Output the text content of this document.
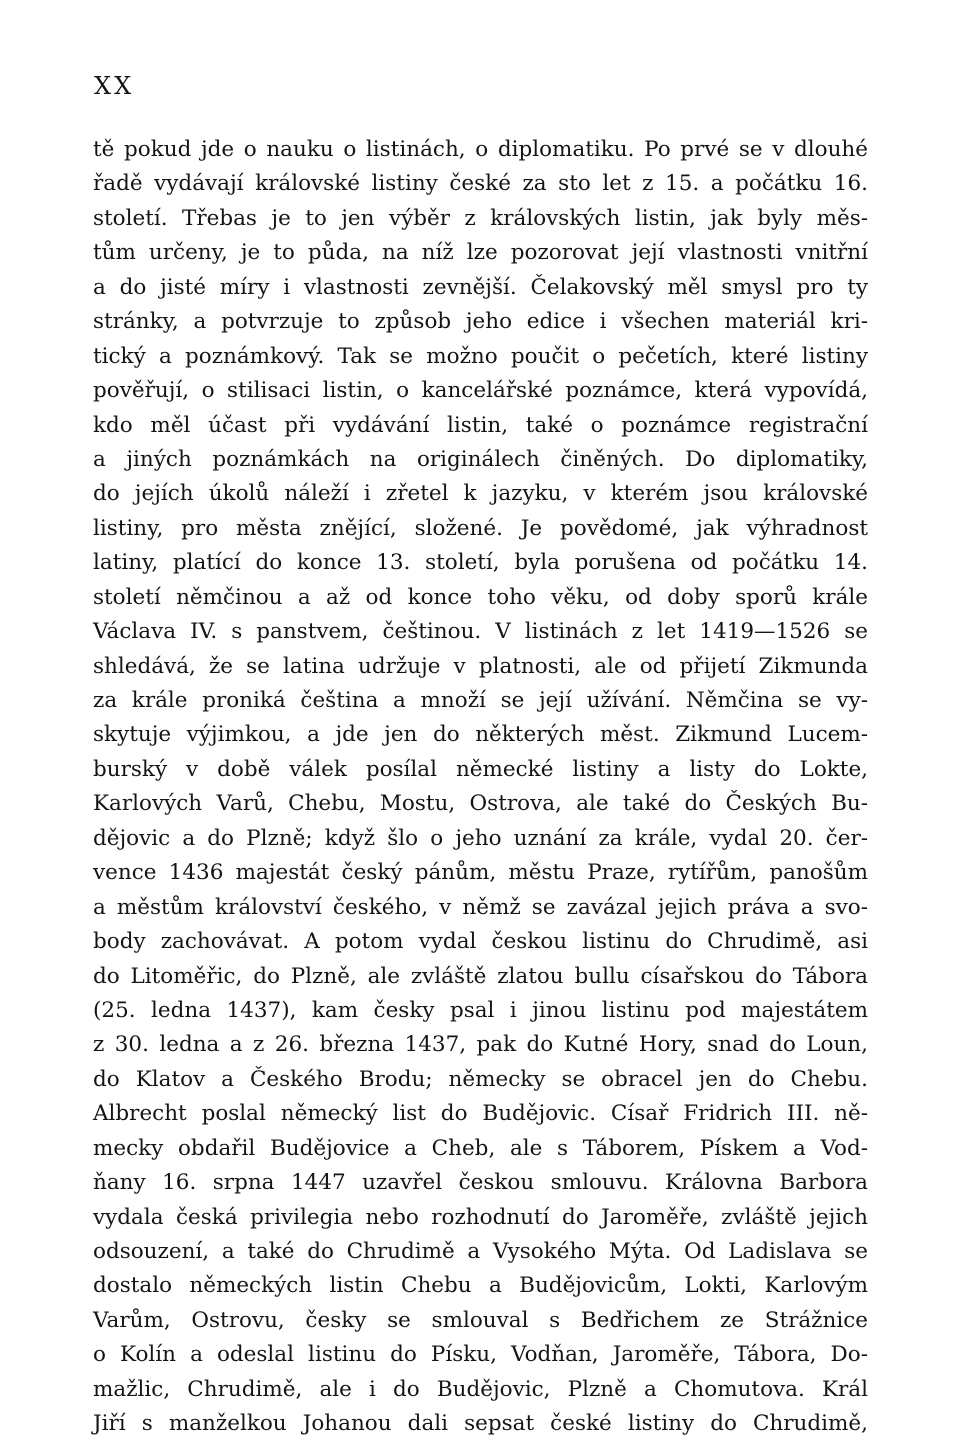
XX
tě pokud jde o nauku o listinách, o diplomatiku. Po prvé se v dlouhé
řadě vydávají královské listiny české za sto let z 15. a počátku 16.
století. Třebas je to jen výběr z královských listin, jak byly měs-
tům určeny, je to půda, na níž lze pozorovat její vlastnosti vnitřní
a do jisté míry i vlastnosti zevnější. Čelakovský měl smysl pro ty
stránky, a potvrzuje to způsob jeho edice i všechen materiál kri-
tický a poznámkový. Tak se možno poučit o pečetích, které listiny
pověřují, o stilisaci listin, o kancelářské poznámce, která vypovídá,
kdo měl účast při vydávání listin, také o poznámce registrační
a jiných poznámkách na originálech činěných. Do diplomatiky,
do jejích úkolů náleží i zřetel k jazyku, v kterém jsou královské
listiny, pro města znějící, složené. Je povědomé, jak výhradnost
latiny, platící do konce 13. století, byla porušena od počátku 14.
století němčinou a až od konce toho věku, od doby sporů krále
Václava IV. s panstvem, češtinou. V listinách z let 1419—1526 se
shledává, že se latina udržuje v platnosti, ale od přijetí Zikmunda
za krále proniká čeština a množí se její užívání. Němčina se vy-
skytuje výjimkou, a jde jen do některých měst. Zikmund Lucem-
burský v době válek posílal německé listiny a listy do Lokte,
Karlových Varů, Chebu, Mostu, Ostrova, ale také do Českých Bu-
dějovic a do Plzně; když šlo o jeho uznání za krále, vydal 20. čer-
vence 1436 majestát český pánům, městu Praze, rytířům, panošům
a městům království českého, v němž se zavázal jejich práva a svo-
body zachovávat. A potom vydal českou listinu do Chrudimě, asi
do Litoměřic, do Plzně, ale zvláště zlatou bullu císařskou do Tábora
(25. ledna 1437), kam česky psal i jinou listinu pod majestátem
z 30. ledna a z 26. března 1437, pak do Kutné Hory, snad do Loun,
do Klatov a Českého Brodu; německy se obracel jen do Chebu.
Albrecht poslal německý list do Budějovic. Císař Fridrich III. ně-
mecky obdařil Budějovice a Cheb, ale s Táborem, Pískem a Vod-
ňany 16. srpna 1447 uzavřel českou smlouvu. Královna Barbora
vydala česká privilegia nebo rozhodnutí do Jaroměře, zvláště jejich
odsouzení, a také do Chrudimě a Vysokého Mýta. Od Ladislava se
dostalo německých listin Chebu a Budějovicům, Lokti, Karlovým
Varům, Ostrovu, česky se smlouval s Bedřichem ze Strážnice
o Kolín a odeslal listinu do Písku, Vodňan, Jaroměře, Tábora, Do-
mažlic, Chrudimě, ale i do Budějovic, Plzně a Chomutova. Král
Jiří s manželkou Johanou dali sepsat české listiny do Chrudimě,
